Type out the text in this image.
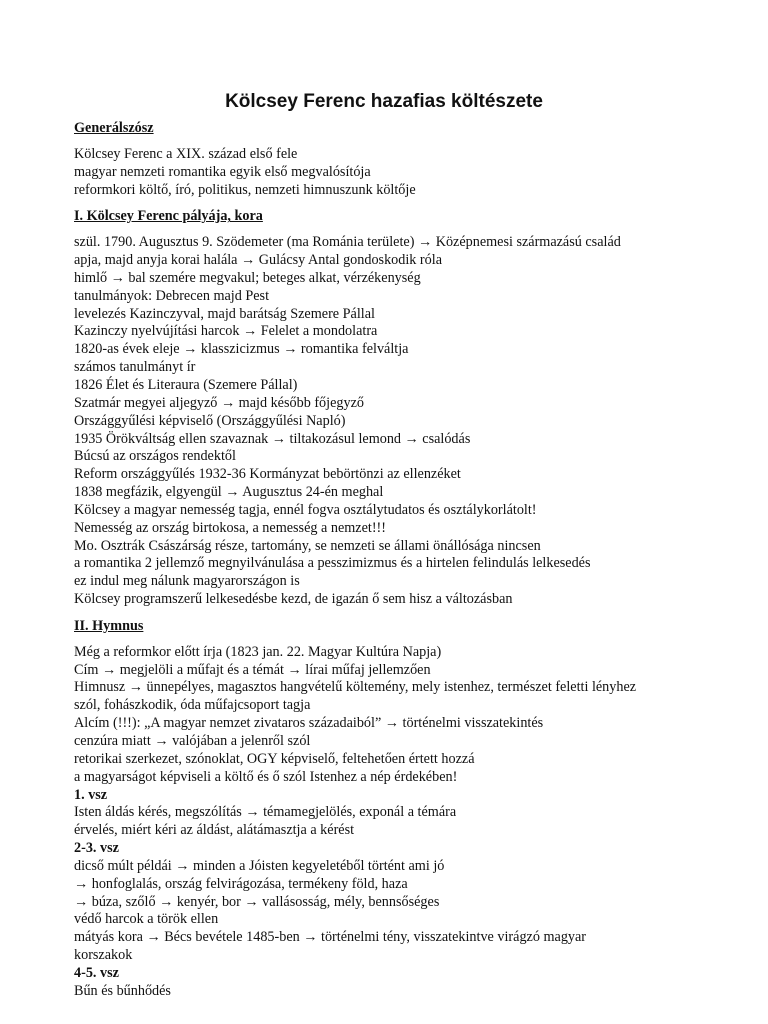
Kölcsey Ferenc hazafias költészete
Generálszósz
Kölcsey Ferenc a XIX. század első fele
magyar nemzeti romantika egyik első megvalósítója
reformkori költő, író, politikus, nemzeti himnuszunk költője
I. Kölcsey Ferenc pályája, kora
szül. 1790. Augusztus 9. Szödemeter (ma Románia területe) → Középnemesi származású család
apja, majd anyja korai halála → Gulácsy Antal gondoskodik róla
himlő → bal szemére megvakul; beteges alkat, vérzékenység
tanulmányok: Debrecen majd Pest
levelezés Kazinczyval, majd barátság Szemere Pállal
Kazinczy nyelvújítási harcok → Felelet a mondolatra
1820-as évek eleje → klasszicizmus → romantika felváltja
számos tanulmányt ír
1826 Élet és Literaura (Szemere Pállal)
Szatmár megyei aljegyző → majd később főjegyző
Országgyűlési képviselő (Országgyűlési Napló)
1935 Örökváltság ellen szavaznak → tiltakozásul lemond → csalódás
Búcsú az országos rendektől
Reform országgyűlés 1932-36 Kormányzat bebörtönzi az ellenzéket
1838 megfázik, elgyengül → Augusztus 24-én meghal
Kölcsey a magyar nemesség tagja, ennél fogva osztálytudatos és osztálykorlátolt!
Nemesség az ország birtokosa, a nemesség a nemzet!!!
Mo. Osztrák Császárság része, tartomány, se nemzeti se állami önállósága nincsen
a romantika 2 jellemző megnyilvánulása a pesszimizmus és a hirtelen felindulás lelkesedés
ez indul meg nálunk magyarországon is
Kölcsey programszerű lelkesedésbe kezd, de igazán ő sem hisz a változásban
II. Hymnus
Még a reformkor előtt írja (1823 jan. 22. Magyar Kultúra Napja)
Cím → megjelöli a műfajt és a témát → lírai műfaj jellemzően
Himnusz → ünnepélyes, magasztos hangvételű költemény, mely istenhez, természet feletti lényhez
szól, fohászkodik, óda műfajcsoport tagja
Alcím (!!!): „A magyar nemzet zivataros századaiból” → történelmi visszatekintés
cenzúra miatt → valójában a jelenről szól
retorikai szerkezet, szónoklat, OGY képviselő, feltehetően értett hozzá
a magyarságot képviseli a költő és ő szól Istenhez a nép érdekében!
1. vsz
Isten áldás kérés, megszólítás → témamegjelölés, exponál a témára
érvelés, miért kéri az áldást, alátámasztja a kérést
2-3. vsz
dicső múlt példái → minden a Jóisten kegyeletéből történt ami jó
→ honfoglalás, ország felvirágozása, termékeny föld, haza
→ búza, szőlő → kenyér, bor → vallásosság, mély, bennsőséges
védő harcok a török ellen
mátyás kora → Bécs bevétele 1485-ben → történelmi tény, visszatekintve virágzó magyar
korszakok
4-5. vsz
Bűn és bűnhődés
